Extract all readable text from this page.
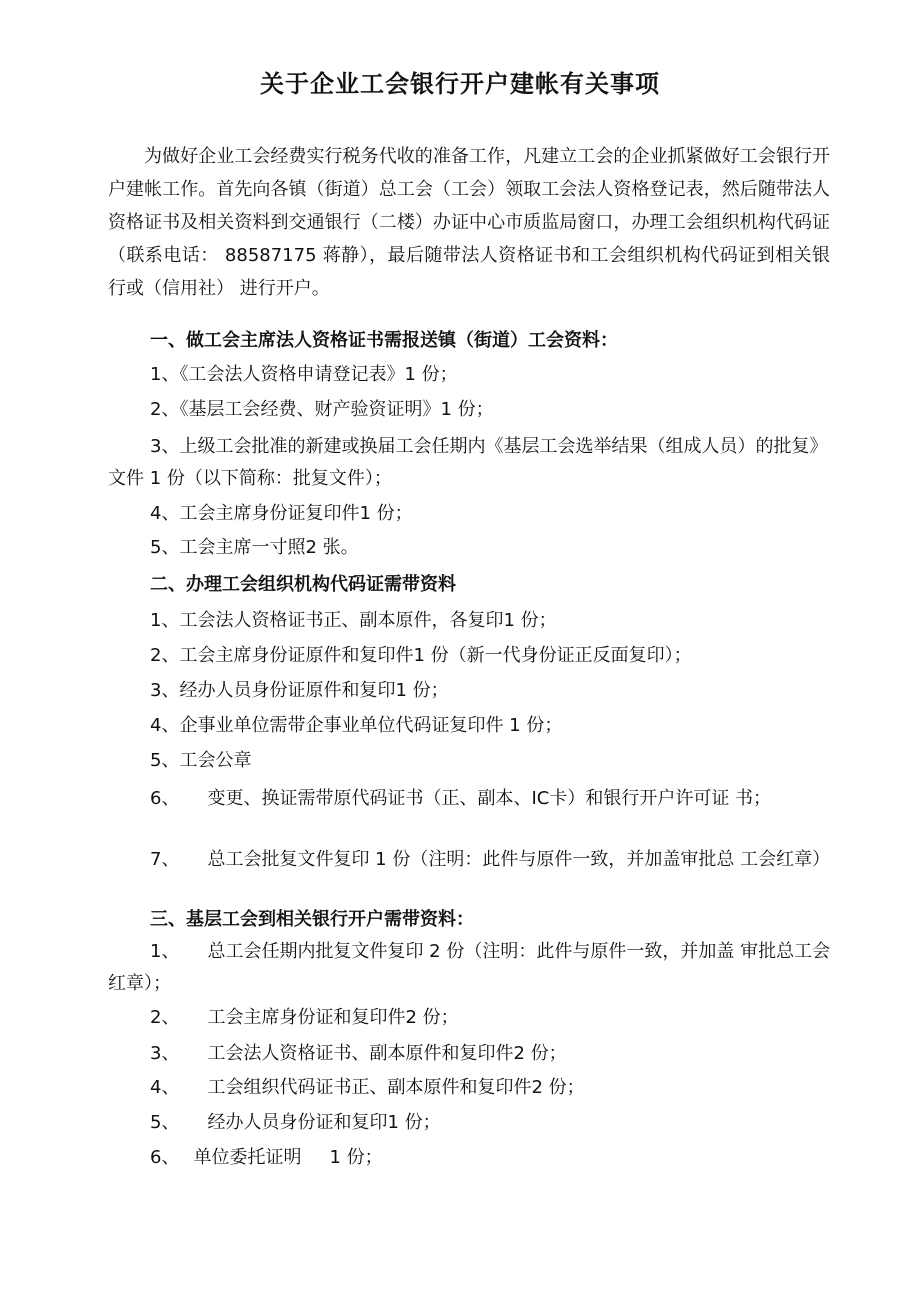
关于企业工会银行开户建帐有关事项
为做好企业工会经费实行税务代收的准备工作，凡建立工会的企业抓紧做好工会银行开户建帐工作。首先向各镇（街道）总工会（工会）领取工会法人资格登记表，然后随带法人资格证书及相关资料到交通银行（二楼）办证中心市质监局窗口，办理工会组织机构代码证（联系电话： 88587175 蒋静），最后随带法人资格证书和工会组织机构代码证到相关银行或（信用社） 进行开户。
一、做工会主席法人资格证书需报送镇（街道）工会资料：
1、《工会法人资格申请登记表》1 份；
2、《基层工会经费、财产验资证明》1 份；
3、上级工会批准的新建或换届工会任期内《基层工会选举结果（组成人员）的批复》文件 1 份（以下简称：批复文件）；
4、工会主席身份证复印件1 份；
5、工会主席一寸照2 张。
二、办理工会组织机构代码证需带资料
1、工会法人资格证书正、副本原件，各复印1 份；
2、工会主席身份证原件和复印件1 份（新一代身份证正反面复印）；
3、经办人员身份证原件和复印1 份；
4、企事业单位需带企事业单位代码证复印件 1 份；
5、工会公章
6、 变更、换证需带原代码证书（正、副本、IC卡）和银行开户许可证 书；
7、 总工会批复文件复印 1 份（注明：此件与原件一致，并加盖审批总 工会红章）
三、基层工会到相关银行开户需带资料：
1、 总工会任期内批复文件复印 2 份（注明：此件与原件一致，并加盖 审批总工会红章）；
2、 工会主席身份证和复印件2 份；
3、 工会法人资格证书、副本原件和复印件2 份；
4、 工会组织代码证书正、副本原件和复印件2 份；
5、 经办人员身份证和复印1 份；
6、 单位委托证明 1 份；
